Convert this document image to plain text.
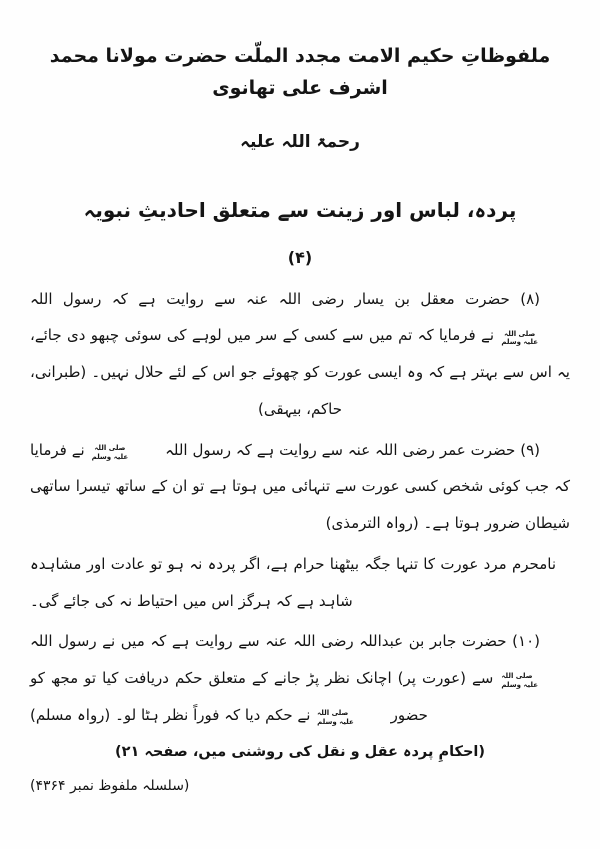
ملفوظاتِ حکیم الامت مجدد الملّت حضرت مولانا محمد اشرف علی تھانوی
رحمۃ اللہ علیہ
پردہ، لباس اور زینت سے متعلق احادیثِ نبویہ
(۴)

(۸) حضرت معقل بن یسار رضی اللہ عنہ سے روایت ہے کہ رسول اللہ
صلی اللہ
علیہ وسلم
نے فرمایا کہ تم میں سے کسی کے سر میں لوہے کی سوئی چبھو دی جائے، یہ اس سے بہتر ہے کہ وہ ایسی عورت کو چھوئے جو اس کے لئے حلال نہیں۔ (طبرانی، حاکم، بیہقی)

(۹) حضرت عمر رضی اللہ عنہ سے روایت ہے کہ رسول اللہ
صلی اللہ
علیہ وسلم
نے فرمایا کہ جب کوئی شخص کسی عورت سے تنہائی میں ہوتا ہے تو ان کے ساتھ تیسرا ساتھی شیطان ضرور ہوتا ہے۔ (رواہ الترمذی)

نامحرم مرد عورت کا تنہا جگہ بیٹھنا حرام ہے، اگر پردہ نہ ہو تو عادت اور مشاہدہ شاہد ہے کہ ہرگز اس میں احتیاط نہ کی جائے گی۔

(۱۰) حضرت جابر بن عبداللہ رضی اللہ عنہ سے روایت ہے کہ میں نے رسول اللہ
صلی اللہ
علیہ وسلم
سے (عورت پر) اچانک نظر پڑ جانے کے متعلق حکم دریافت کیا تو مجھ کو حضور
صلی اللہ
علیہ وسلم
نے حکم دیا کہ فوراً نظر ہٹا لو۔ (رواہ مسلم)

(احکامِ پردہ عقل و نقل کی روشنی میں، صفحہ ۲۱)
(سلسلہ ملفوظ نمبر ۴۳۶۴)
